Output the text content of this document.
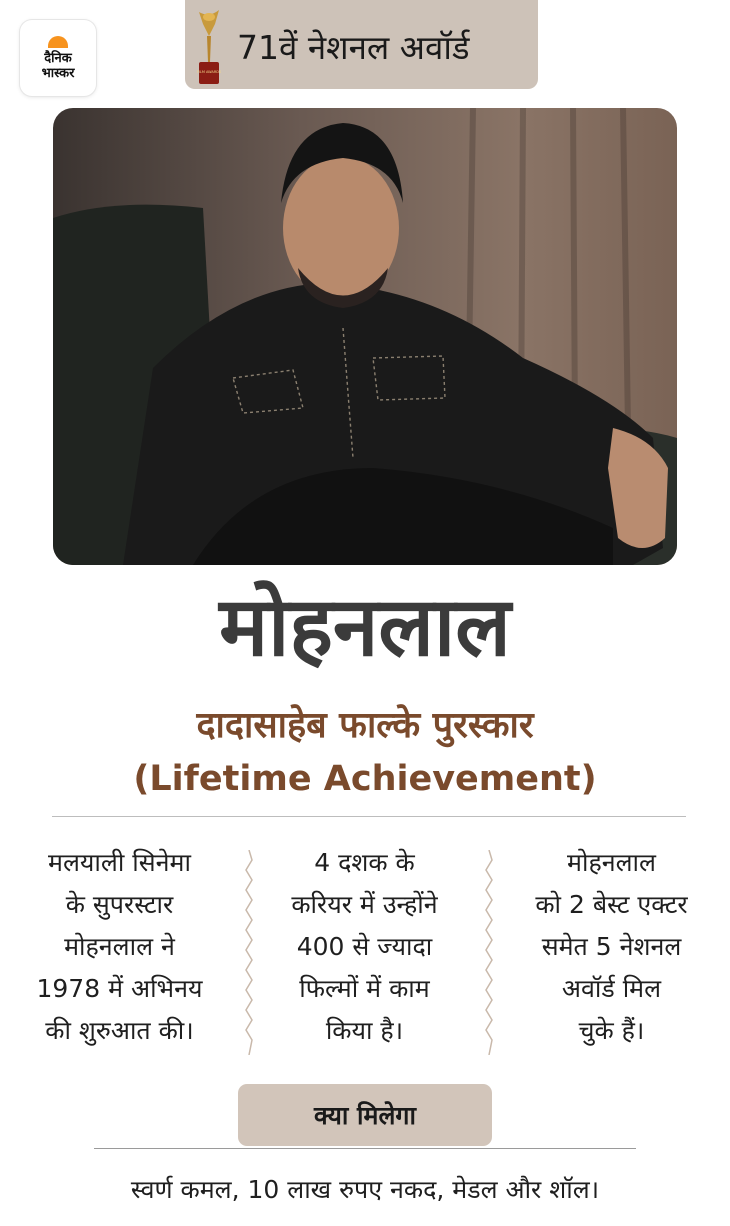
दैनिक
भास्कर	FILM AWARDS
71वें नेशनल अवॉर्ड
मोहनलाल
दादासाहेब फाल्के पुरस्कार
(Lifetime Achievement)
मलयाली सिनेमा
के सुपरस्टार
मोहनलाल ने
1978 में अभिनय
की शुरुआत की।
4 दशक के
करियर में उन्होंने
400 से ज्यादा
फिल्मों में काम
किया है।
मोहनलाल
को 2 बेस्ट एक्टर
समेत 5 नेशनल
अवॉर्ड मिल
चुके हैं।
क्या मिलेगा
स्वर्ण कमल, 10 लाख रुपए नकद, मेडल और शॉल।
